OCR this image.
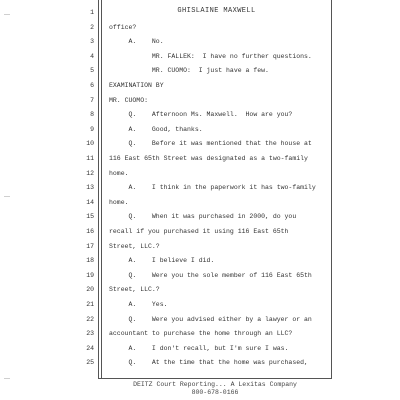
GHISLAINE MAXWELL
1
2 office?
3 A.    No.
4 MR. FALLEK:  I have no further questions.
5 MR. CUOMO:  I just have a few.
6 EXAMINATION BY
7 MR. CUOMO:
8 Q.    Afternoon Ms. Maxwell.  How are you?
9 A.    Good, thanks.
10 Q.    Before it was mentioned that the house at
11 116 East 65th Street was designated as a two-family
12 home.
13 A.    I think in the paperwork it has two-family
14 home.
15 Q.    When it was purchased in 2000, do you
16 recall if you purchased it using 116 East 65th
17 Street, LLC.?
18 A.    I believe I did.
19 Q.    Were you the sole member of 116 East 65th
20 Street, LLC.?
21 A.    Yes.
22 Q.    Were you advised either by a lawyer or an
23 accountant to purchase the home through an LLC?
24 A.    I don't recall, but I'm sure I was.
25 Q.    At the time that the home was purchased,
DEITZ Court Reporting... A Lexitas Company
800-678-0166
